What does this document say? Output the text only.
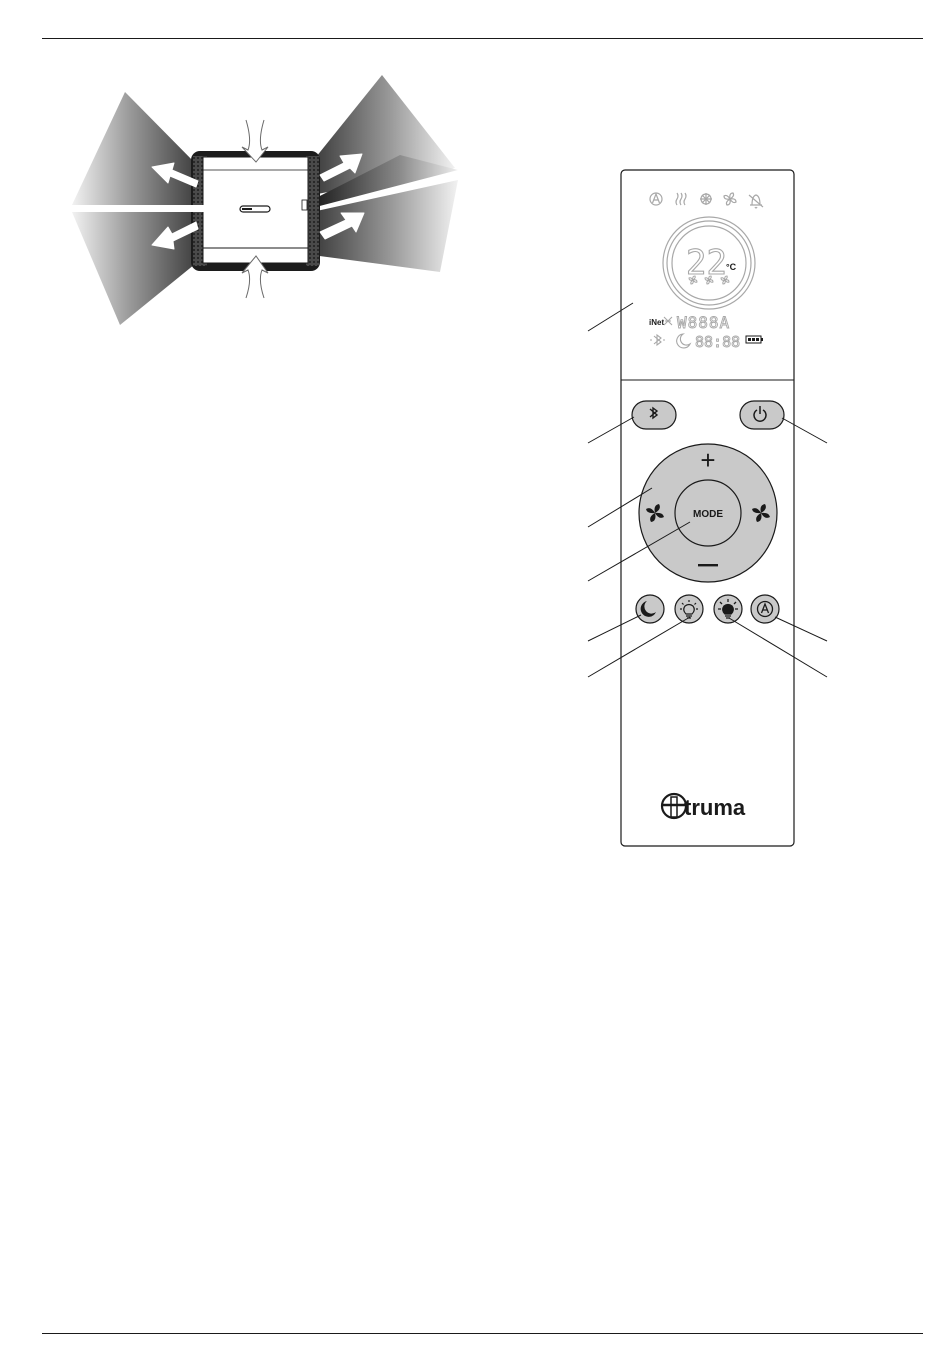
22 °C
iNet W888A
88:88
+
MODE
truma
